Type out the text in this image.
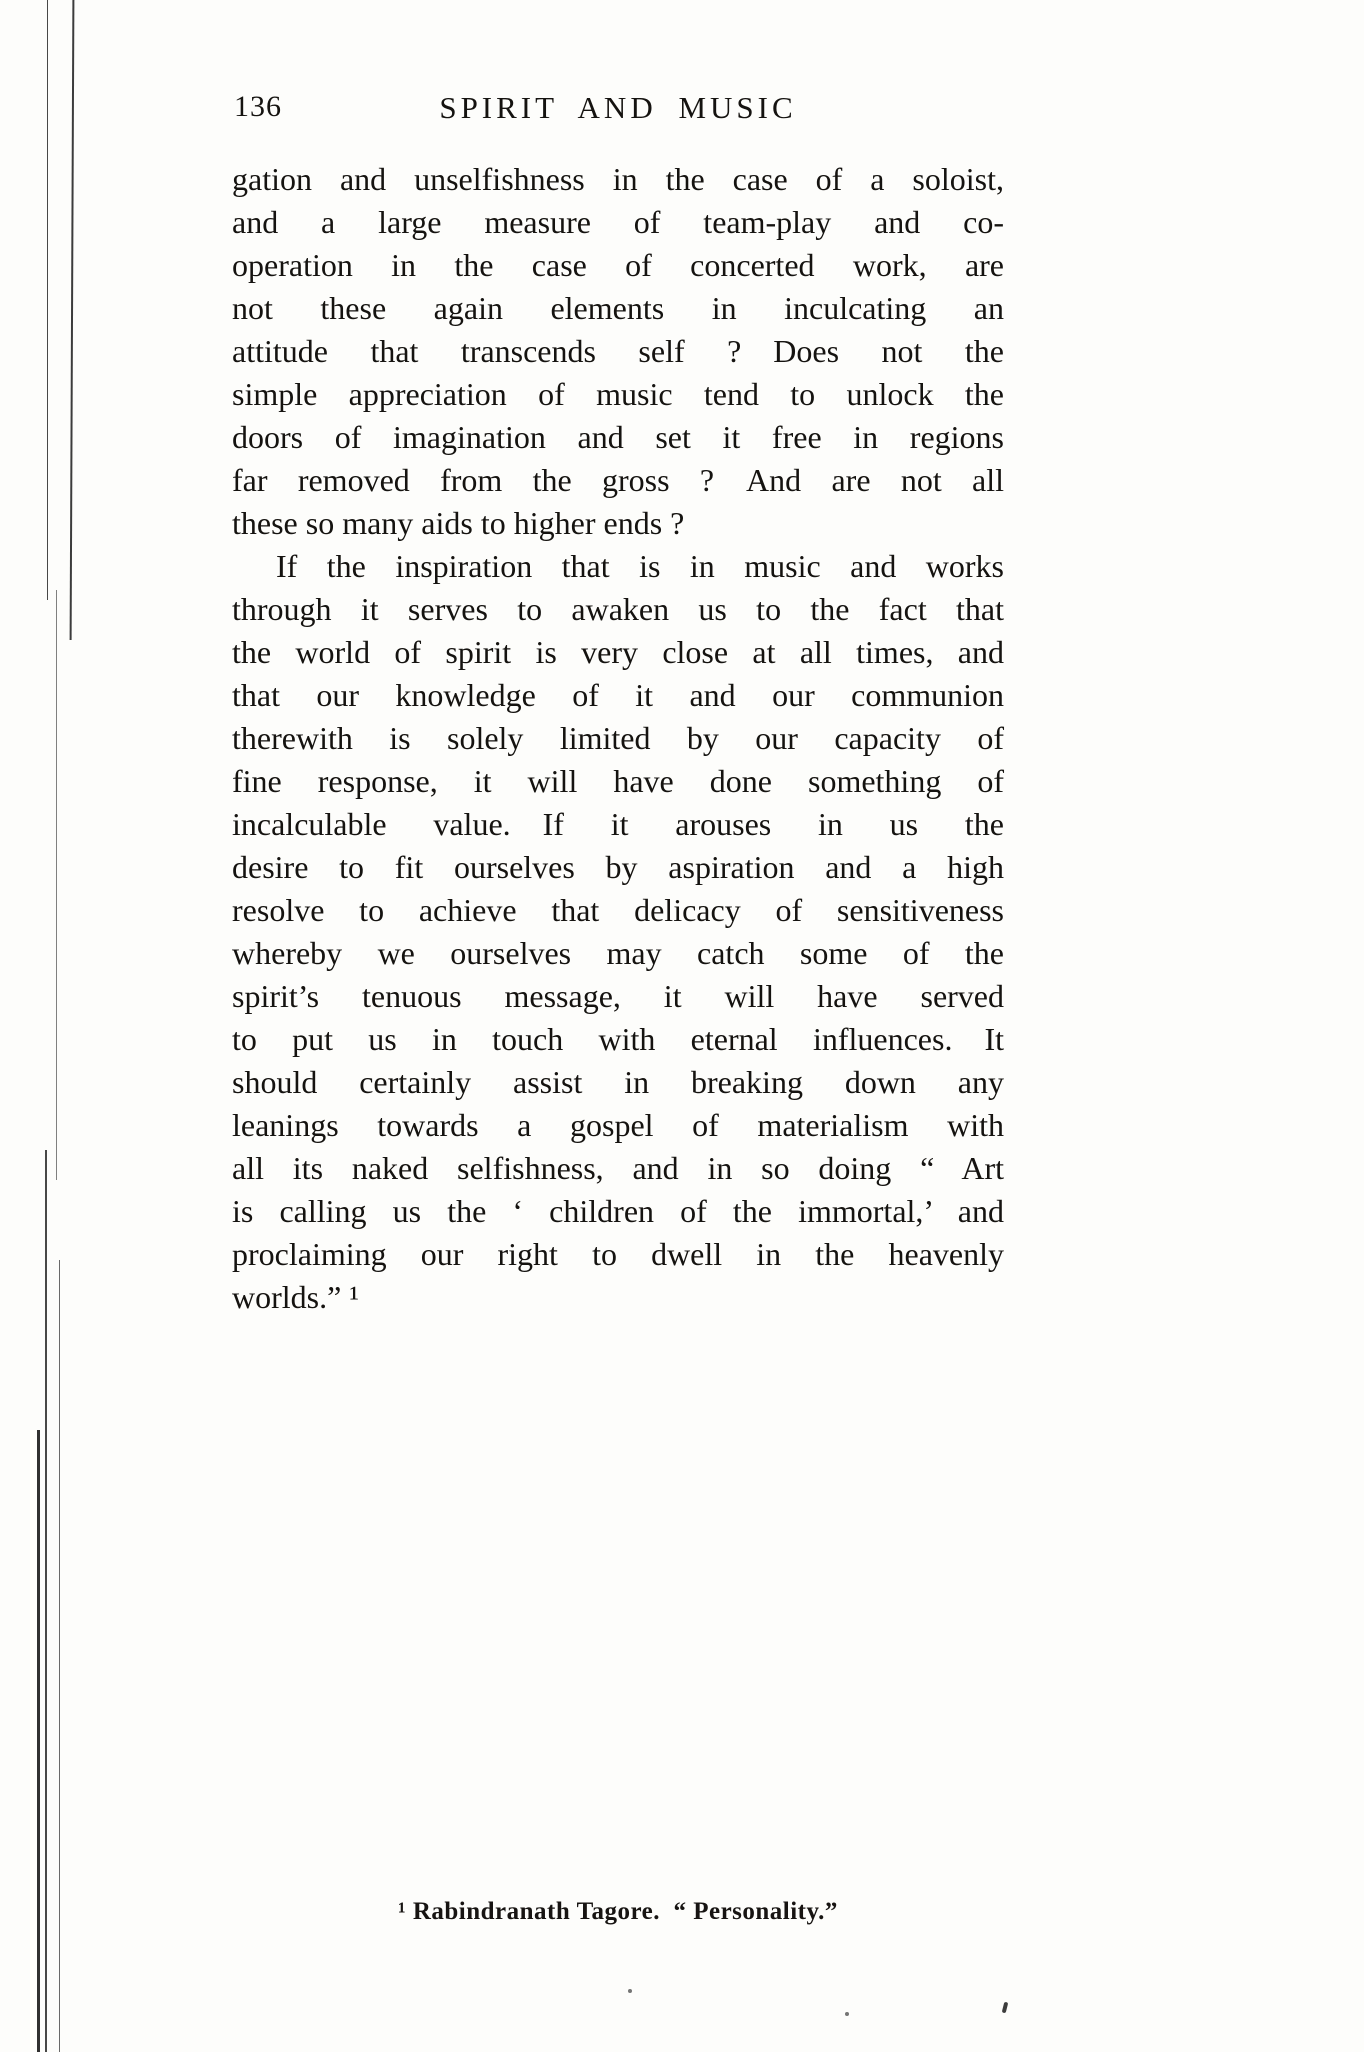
136	SPIRIT AND MUSIC
gation and unselfishness in the case of a soloist,
and a large measure of team-play and co-
operation in the case of concerted work, are
not these again elements in inculcating an
attitude that transcends self ? Does not the
simple appreciation of music tend to unlock the
doors of imagination and set it free in regions
far removed from the gross ? And are not all
these so many aids to higher ends ?
If the inspiration that is in music and works
through it serves to awaken us to the fact that
the world of spirit is very close at all times, and
that our knowledge of it and our communion
therewith is solely limited by our capacity of
fine response, it will have done something of
incalculable value. If it arouses in us the
desire to fit ourselves by aspiration and a high
resolve to achieve that delicacy of sensitiveness
whereby we ourselves may catch some of the
spirit’s tenuous message, it will have served
to put us in touch with eternal influences. It
should certainly assist in breaking down any
leanings towards a gospel of materialism with
all its naked selfishness, and in so doing “ Art
is calling us the ‘ children of the immortal,’ and
proclaiming our right to dwell in the heavenly
worlds.” ¹
¹ Rabindranath Tagore.  “ Personality.”
